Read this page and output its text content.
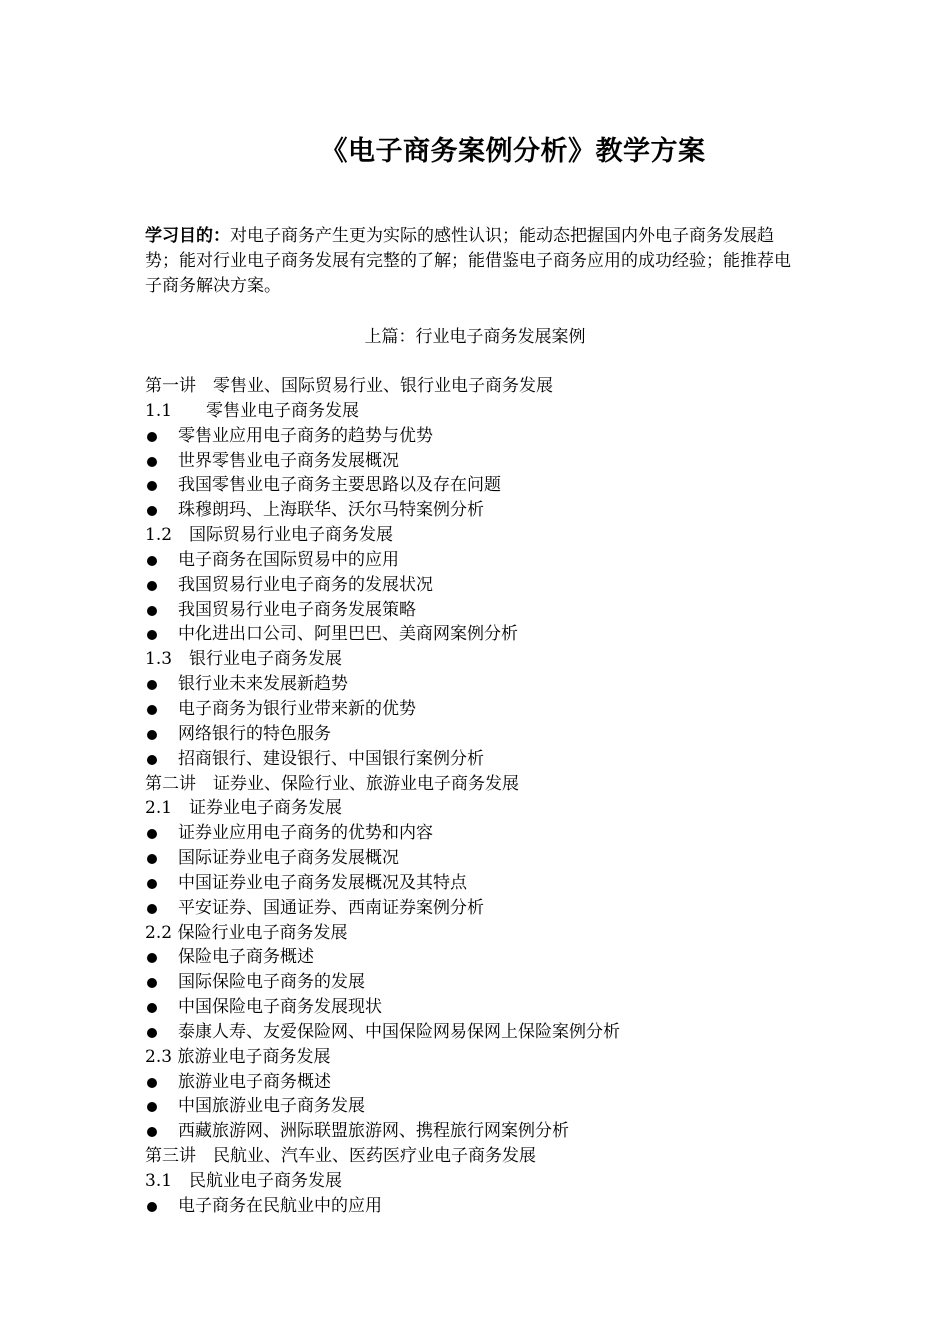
《电子商务案例分析》教学方案
学习目的：对电子商务产生更为实际的感性认识；能动态把握国内外电子商务发展趋势；能对行业电子商务发展有完整的了解；能借鉴电子商务应用的成功经验；能推荐电子商务解决方案。
上篇：行业电子商务发展案例
第一讲　零售业、国际贸易行业、银行业电子商务发展
1.1　　零售业电子商务发展
零售业应用电子商务的趋势与优势
世界零售业电子商务发展概况
我国零售业电子商务主要思路以及存在问题
珠穆朗玛、上海联华、沃尔马特案例分析
1.2　国际贸易行业电子商务发展
电子商务在国际贸易中的应用
我国贸易行业电子商务的发展状况
我国贸易行业电子商务发展策略
中化进出口公司、阿里巴巴、美商网案例分析
1.3　银行业电子商务发展
银行业未来发展新趋势
电子商务为银行业带来新的优势
网络银行的特色服务
招商银行、建设银行、中国银行案例分析
第二讲　证券业、保险行业、旅游业电子商务发展
2.1　证券业电子商务发展
证券业应用电子商务的优势和内容
国际证券业电子商务发展概况
中国证券业电子商务发展概况及其特点
平安证券、国通证券、西南证券案例分析
2.2 保险行业电子商务发展
保险电子商务概述
国际保险电子商务的发展
中国保险电子商务发展现状
泰康人寿、友爱保险网、中国保险网易保网上保险案例分析
2.3 旅游业电子商务发展
旅游业电子商务概述
中国旅游业电子商务发展
西藏旅游网、洲际联盟旅游网、携程旅行网案例分析
第三讲　民航业、汽车业、医药医疗业电子商务发展
3.1　民航业电子商务发展
电子商务在民航业中的应用
